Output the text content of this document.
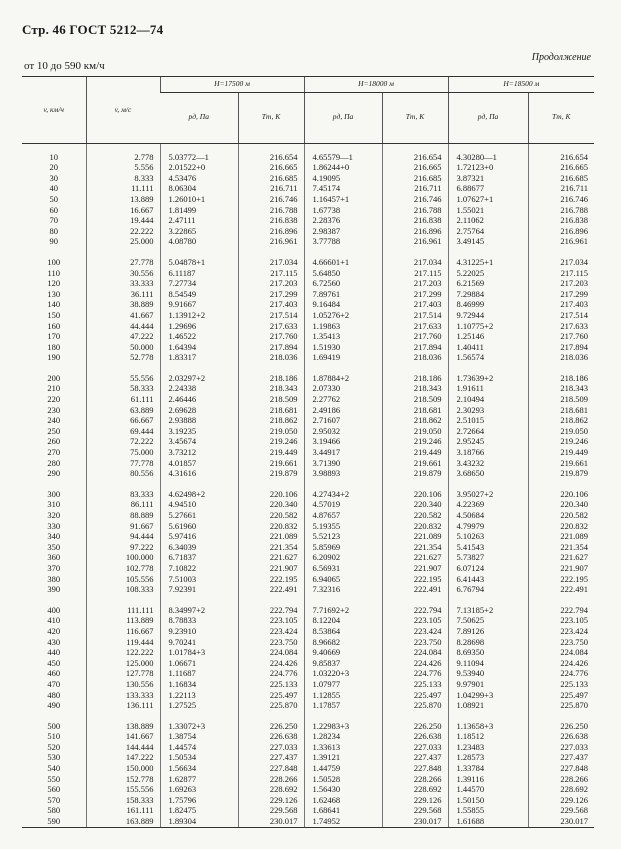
Стр. 46 ГОСТ 5212—74
Продолжение
от 10 до 590 км/ч
v, км/ч	v, м/с	H=17500 м		H=18000 м		H=18500 м	
		pд, Па	Tт, К	pд, Па	Tт, К	pд, Па	Tт, К

10	2.778	5.03772—1	216.654	4.65579—1	216.654	4.30280—1	216.654
20	5.556	2.01522+0	216.665	1.86244+0	216.665	1.72123+0	216.665
30	8.333	4.53476	216.685	4.19095	216.685	3.87321	216.685
40	11.111	8.06304	216.711	7.45174	216.711	6.88677	216.711
50	13.889	1.26010+1	216.746	1.16457+1	216.746	1.07627+1	216.746
60	16.667	1.81499	216.788	1.67738	216.788	1.55021	216.788
70	19.444	2.47111	216.838	2.28376	216.838	2.11062	216.838
80	22.222	3.22865	216.896	2.98387	216.896	2.75764	216.896
90	25.000	4.08780	216.961	3.77788	216.961	3.49145	216.961

100	27.778	5.04878+1	217.034	4.66601+1	217.034	4.31225+1	217.034
110	30.556	6.11187	217.115	5.64850	217.115	5.22025	217.115
120	33.333	7.27734	217.203	6.72560	217.203	6.21569	217.203
130	36.111	8.54549	217.299	7.89761	217.299	7.29884	217.299
140	38.889	9.91667	217.403	9.16484	217.403	8.46999	217.403
150	41.667	1.13912+2	217.514	1.05276+2	217.514	9.72944	217.514
160	44.444	1.29696	217.633	1.19863	217.633	1.10775+2	217.633
170	47.222	1.46522	217.760	1.35413	217.760	1.25146	217.760
180	50.000	1.64394	217.894	1.51930	217.894	1.40411	217.894
190	52.778	1.83317	218.036	1.69419	218.036	1.56574	218.036

200	55.556	2.03297+2	218.186	1.87884+2	218.186	1.73639+2	218.186
210	58.333	2.24338	218.343	2.07330	218.343	1.91611	218.343
220	61.111	2.46446	218.509	2.27762	218.509	2.10494	218.509
230	63.889	2.69628	218.681	2.49186	218.681	2.30293	218.681
240	66.667	2.93888	218.862	2.71607	218.862	2.51015	218.862
250	69.444	3.19235	219.050	2.95032	219.050	2.72664	219.050
260	72.222	3.45674	219.246	3.19466	219.246	2.95245	219.246
270	75.000	3.73212	219.449	3.44917	219.449	3.18766	219.449
280	77.778	4.01857	219.661	3.71390	219.661	3.43232	219.661
290	80.556	4.31616	219.879	3.98893	219.879	3.68650	219.879

300	83.333	4.62498+2	220.106	4.27434+2	220.106	3.95027+2	220.106
310	86.111	4.94510	220.340	4.57019	220.340	4.22369	220.340
320	88.889	5.27661	220.582	4.87657	220.582	4.50684	220.582
330	91.667	5.61960	220.832	5.19355	220.832	4.79979	220.832
340	94.444	5.97416	221.089	5.52123	221.089	5.10263	221.089
350	97.222	6.34039	221.354	5.85969	221.354	5.41543	221.354
360	100.000	6.71837	221.627	6.20902	221.627	5.73827	221.627
370	102.778	7.10822	221.907	6.56931	221.907	6.07124	221.907
380	105.556	7.51003	222.195	6.94065	222.195	6.41443	222.195
390	108.333	7.92391	222.491	7.32316	222.491	6.76794	222.491

400	111.111	8.34997+2	222.794	7.71692+2	222.794	7.13185+2	222.794
410	113.889	8.78833	223.105	8.12204	223.105	7.50625	223.105
420	116.667	9.23910	223.424	8.53864	223.424	7.89126	223.424
430	119.444	9.70241	223.750	8.96682	223.750	8.28698	223.750
440	122.222	1.01784+3	224.084	9.40669	224.084	8.69350	224.084
450	125.000	1.06671	224.426	9.85837	224.426	9.11094	224.426
460	127.778	1.11687	224.776	1.03220+3	224.776	9.53940	224.776
470	130.556	1.16834	225.133	1.07977	225.133	9.97901	225.133
480	133.333	1.22113	225.497	1.12855	225.497	1.04299+3	225.497
490	136.111	1.27525	225.870	1.17857	225.870	1.08921	225.870

500	138.889	1.33072+3	226.250	1.22983+3	226.250	1.13658+3	226.250
510	141.667	1.38754	226.638	1.28234	226.638	1.18512	226.638
520	144.444	1.44574	227.033	1.33613	227.033	1.23483	227.033
530	147.222	1.50534	227.437	1.39121	227.437	1.28573	227.437
540	150.000	1.56634	227.848	1.44759	227.848	1.33784	227.848
550	152.778	1.62877	228.266	1.50528	228.266	1.39116	228.266
560	155.556	1.69263	228.692	1.56430	228.692	1.44570	228.692
570	158.333	1.75796	229.126	1.62468	229.126	1.50150	229.126
580	161.111	1.82475	229.568	1.68641	229.568	1.55855	229.568
590	163.889	1.89304	230.017	1.74952	230.017	1.61688	230.017
